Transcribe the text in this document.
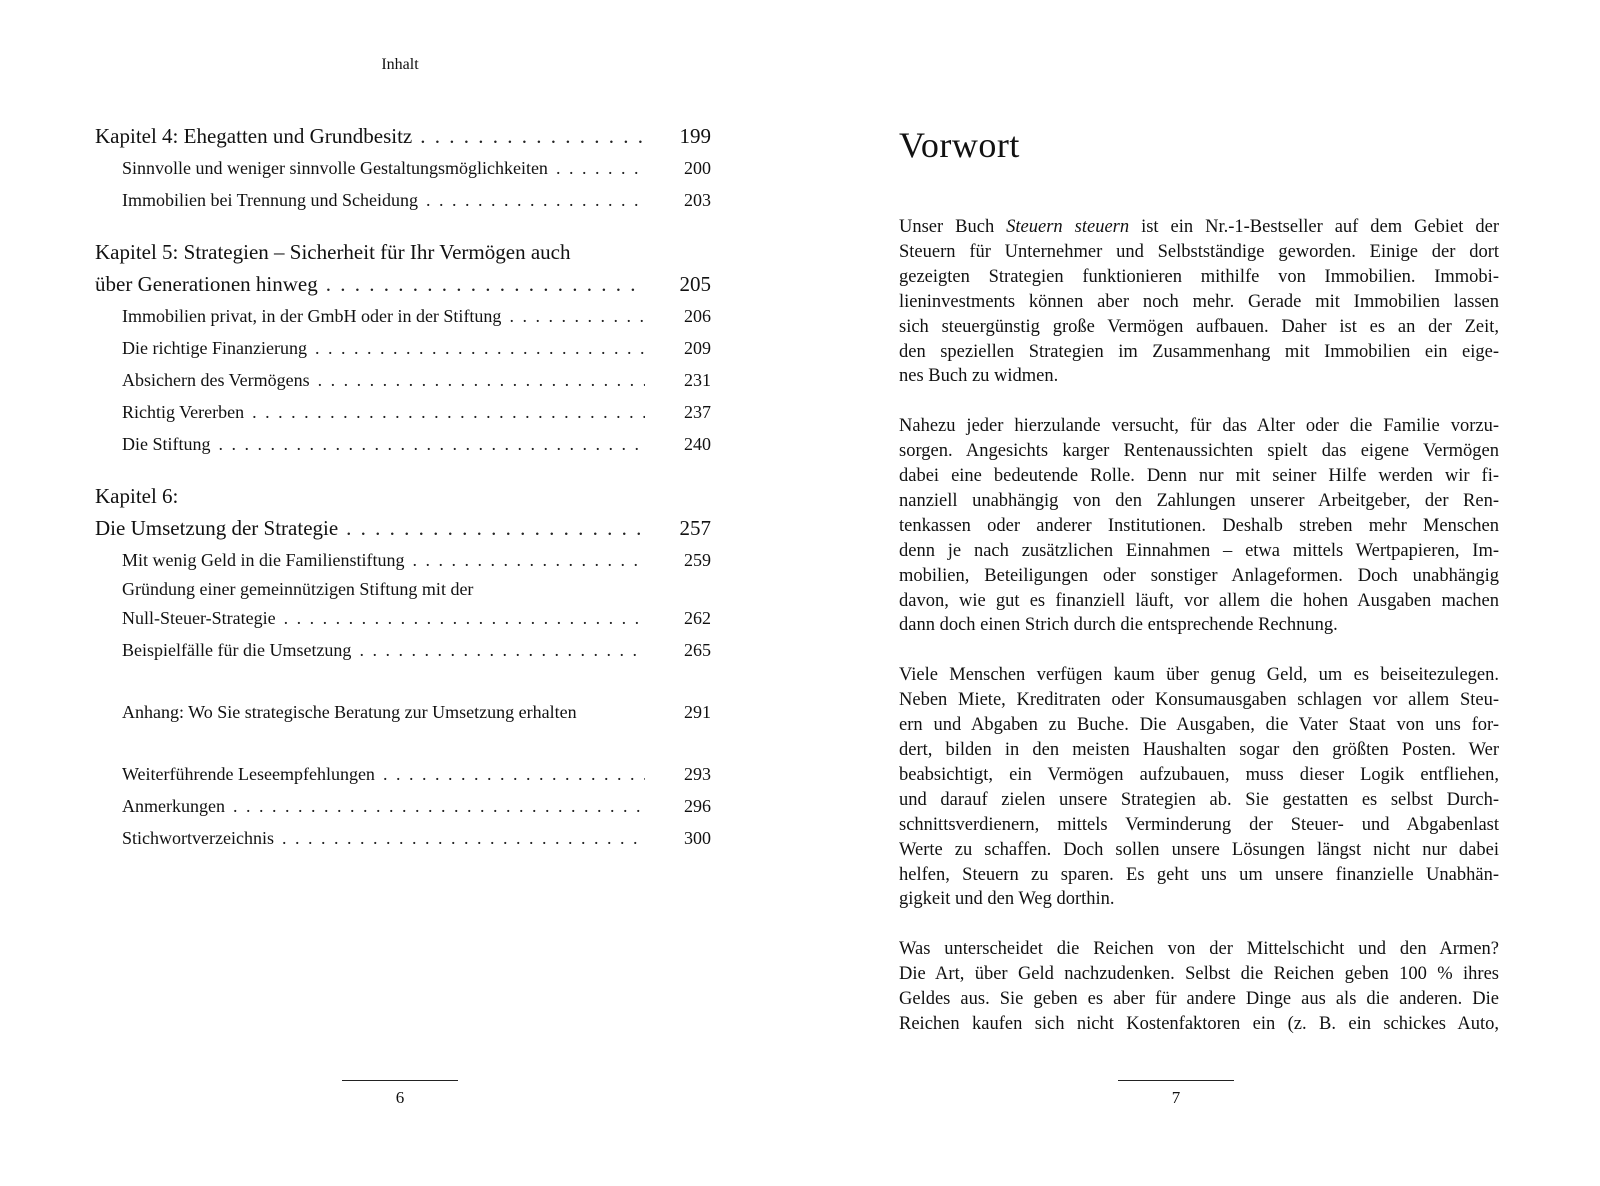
Inhalt
Kapitel 4: Ehegatten und Grundbesitz . . .	199
Sinnvolle und weniger sinnvolle Gestaltungsmöglichkeiten . . .	200
Immobilien bei Trennung und Scheidung . . .	203
Kapitel 5: Strategien – Sicherheit für Ihr Vermögen auch
über Generationen hinweg . . .	205
Immobilien privat, in der GmbH oder in der Stiftung . . .	206
Die richtige Finanzierung . . .	209
Absichern des Vermögens . . .	231
Richtig Vererben . . .	237
Die Stiftung . . .	240
Kapitel 6:
Die Umsetzung der Strategie . . .	257
Mit wenig Geld in die Familienstiftung . . .	259
Gründung einer gemeinnützigen Stiftung mit der
Null-Steuer-Strategie . . .	262
Beispielfälle für die Umsetzung . . .	265
Anhang: Wo Sie strategische Beratung zur Umsetzung erhalten	291
Weiterführende Leseempfehlungen . . .	293
Anmerkungen . . .	296
Stichwortverzeichnis . . .	300
6
Vorwort

Unser Buch Steuern steuern ist ein Nr.-1-Bestseller auf dem Gebiet der
Steuern für Unternehmer und Selbstständige geworden. Einige der dort
gezeigten Strategien funktionieren mithilfe von Immobilien. Immobi-
lieninvestments können aber noch mehr. Gerade mit Immobilien lassen
sich steuergünstig große Vermögen aufbauen. Daher ist es an der Zeit,
den speziellen Strategien im Zusammenhang mit Immobilien ein eige-
nes Buch zu widmen.

Nahezu jeder hierzulande versucht, für das Alter oder die Familie vorzu-
sorgen. Angesichts karger Rentenaussichten spielt das eigene Vermögen
dabei eine bedeutende Rolle. Denn nur mit seiner Hilfe werden wir fi-
nanziell unabhängig von den Zahlungen unserer Arbeitgeber, der Ren-
tenkassen oder anderer Institutionen. Deshalb streben mehr Menschen
denn je nach zusätzlichen Einnahmen – etwa mittels Wertpapieren, Im-
mobilien, Beteiligungen oder sonstiger Anlageformen. Doch unabhängig
davon, wie gut es finanziell läuft, vor allem die hohen Ausgaben machen
dann doch einen Strich durch die entsprechende Rechnung.

Viele Menschen verfügen kaum über genug Geld, um es beiseitezulegen.
Neben Miete, Kreditraten oder Konsumausgaben schlagen vor allem Steu-
ern und Abgaben zu Buche. Die Ausgaben, die Vater Staat von uns for-
dert, bilden in den meisten Haushalten sogar den größten Posten. Wer
beabsichtigt, ein Vermögen aufzubauen, muss dieser Logik entfliehen,
und darauf zielen unsere Strategien ab. Sie gestatten es selbst Durch-
schnittsverdienern, mittels Verminderung der Steuer- und Abgabenlast
Werte zu schaffen. Doch sollen unsere Lösungen längst nicht nur dabei
helfen, Steuern zu sparen. Es geht uns um unsere finanzielle Unabhän-
gigkeit und den Weg dorthin.

Was unterscheidet die Reichen von der Mittelschicht und den Armen?
Die Art, über Geld nachzudenken. Selbst die Reichen geben 100 % ihres
Geldes aus. Sie geben es aber für andere Dinge aus als die anderen. Die
Reichen kaufen sich nicht Kostenfaktoren ein (z. B. ein schickes Auto,

7
